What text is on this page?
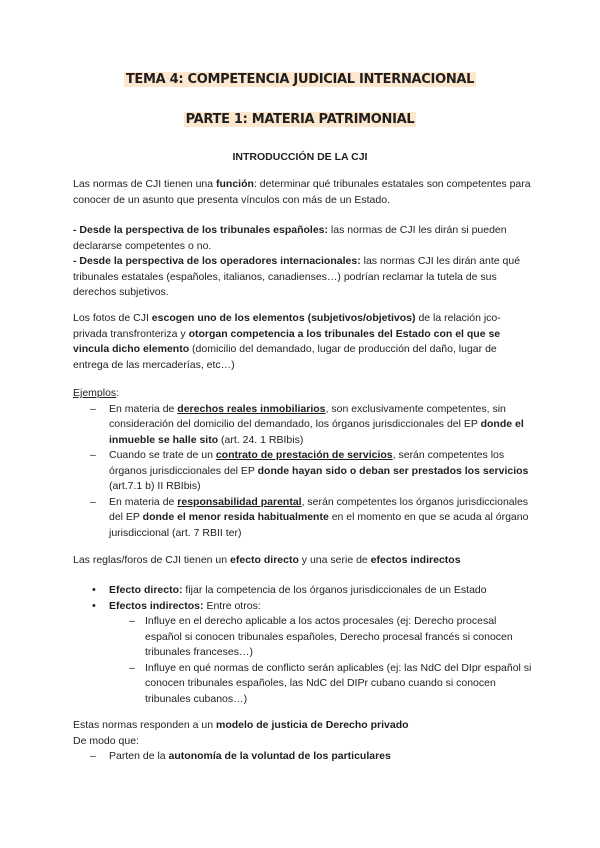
TEMA 4: COMPETENCIA JUDICIAL INTERNACIONAL
PARTE 1: MATERIA PATRIMONIAL
INTRODUCCIÓN DE LA CJI

Las normas de CJI tienen una función: determinar qué tribunales estatales son competentes para conocer de un asunto que presenta vínculos con más de un Estado.

- Desde la perspectiva de los tribunales españoles: las normas de CJI les dirán si pueden declararse competentes o no.

- Desde la perspectiva de los operadores internacionales: las normas CJI les dirán ante qué tribunales estatales (españoles, italianos, canadienses…) podrían reclamar la tutela de sus derechos subjetivos.

Los fotos de CJI escogen uno de los elementos (subjetivos/objetivos) de la relación jco-privada transfronteriza y otorgan competencia a los tribunales del Estado con el que se vincula dicho elemento (domicilio del demandado, lugar de producción del daño, lugar de entrega de las mercaderías, etc…)

Ejemplos:

– En materia de derechos reales inmobiliarios, son exclusivamente competentes, sin consideración del domicilio del demandado, los órganos jurisdiccionales del EP donde el inmueble se halle sito (art. 24. 1 RBIbis)
– Cuando se trate de un contrato de prestación de servicios, serán competentes los órganos jurisdiccionales del EP donde hayan sido o deban ser prestados los servicios (art.7.1 b) II RBIbis)
– En materia de responsabilidad parental, serán competentes los órganos jurisdiccionales del EP donde el menor resida habitualmente en el momento en que se acuda al órgano jurisdiccional (art. 7 RBII ter)

Las reglas/foros de CJI tienen un efecto directo y una serie de efectos indirectos

• Efecto directo: fijar la competencia de los órganos jurisdiccionales de un Estado
• Efectos indirectos: Entre otros:
– Influye en el derecho aplicable a los actos procesales (ej: Derecho procesal español si conocen tribunales españoles, Derecho procesal francés si conocen tribunales franceses…)
– Influye en qué normas de conflicto serán aplicables (ej: las NdC del DIpr español si conocen tribunales españoles, las NdC del DIPr cubano cuando si conocen tribunales cubanos…)

Estas normas responden a un modelo de justicia de Derecho privado

De modo que:

– Parten de la autonomía de la voluntad de los particulares
